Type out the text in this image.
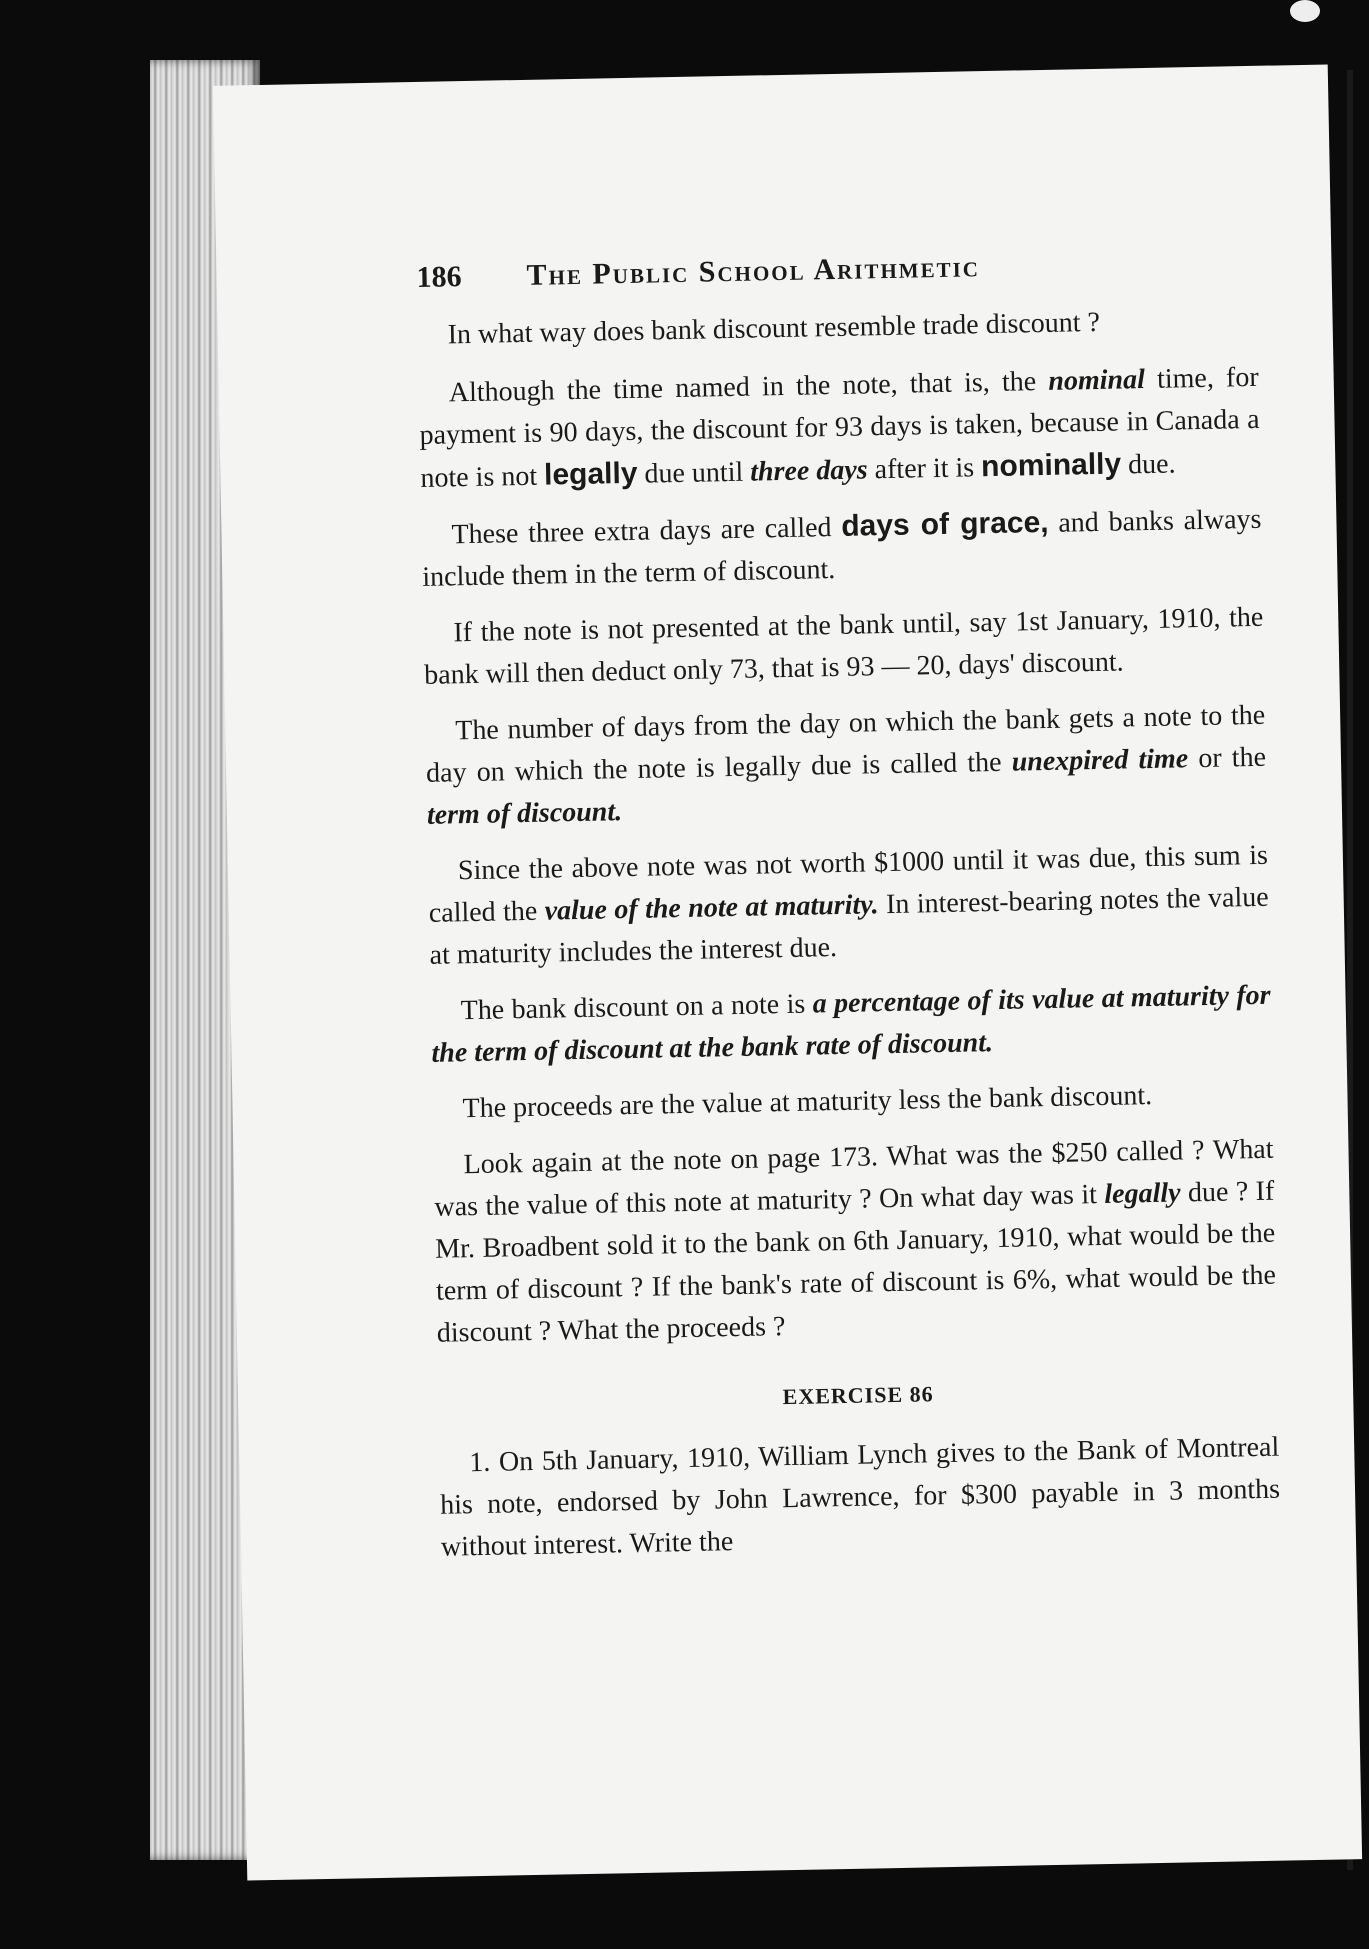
186	The Public School Arithmetic

In what way does bank discount resemble trade discount ?

Although the time named in the note, that is, the nominal time, for payment is 90 days, the discount for 93 days is taken, because in Canada a note is not legally due until three days after it is nominally due.

These three extra days are called days of grace, and banks always include them in the term of discount.

If the note is not presented at the bank until, say 1st January, 1910, the bank will then deduct only 73, that is 93 — 20, days' discount.

The number of days from the day on which the bank gets a note to the day on which the note is legally due is called the unexpired time or the term of discount.

Since the above note was not worth $1000 until it was due, this sum is called the value of the note at maturity. In interest-bearing notes the value at maturity includes the interest due.

The bank discount on a note is a percentage of its value at maturity for the term of discount at the bank rate of discount.

The proceeds are the value at maturity less the bank discount.

Look again at the note on page 173. What was the $250 called ? What was the value of this note at maturity ? On what day was it legally due ? If Mr. Broadbent sold it to the bank on 6th January, 1910, what would be the term of discount ? If the bank's rate of discount is 6%, what would be the discount ? What the proceeds ?

EXERCISE 86

1. On 5th January, 1910, William Lynch gives to the Bank of Montreal his note, endorsed by John Lawrence, for $300 payable in 3 months without interest. Write the
